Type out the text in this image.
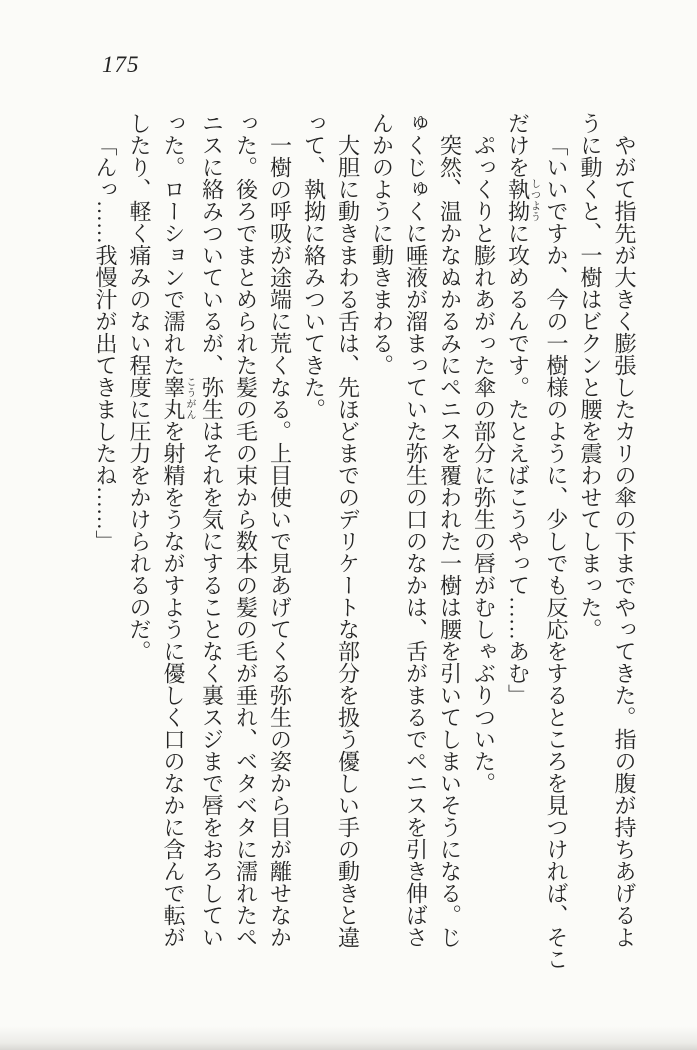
175
やがて指先が大きく膨張したカリの傘の下までやってきた。指の腹が持ちあげるよ
うに動くと、一樹はビクンと腰を震わせてしまった。
「いいですか、今の一樹様のように、少しでも反応をするところを見つければ、そこ
だけを執拗しつように攻めるんです。たとえばこうやって……あむ」
ぷっくりと膨れあがった傘の部分に弥生の唇がむしゃぶりついた。
突然、温かなぬかるみにペニスを覆われた一樹は腰を引いてしまいそうになる。じ
ゅくじゅくに唾液が溜まっていた弥生の口のなかは、舌がまるでペニスを引き伸ばさ
んかのように動きまわる。
大胆に動きまわる舌は、先ほどまでのデリケートな部分を扱う優しい手の動きと違
って、執拗に絡みついてきた。
一樹の呼吸が途端に荒くなる。上目使いで見あげてくる弥生の姿から目が離せなか
った。後ろでまとめられた髪の毛の束から数本の髪の毛が垂れ、ベタベタに濡れたペ
ニスに絡みついているが、弥生はそれを気にすることなく裏スジまで唇をおろしてい
った。ローションで濡れた睾丸こうがんを射精をうながすように優しく口のなかに含んで転が
したり、軽く痛みのない程度に圧力をかけられるのだ。
「んっ……我慢汁が出てきましたね……」
